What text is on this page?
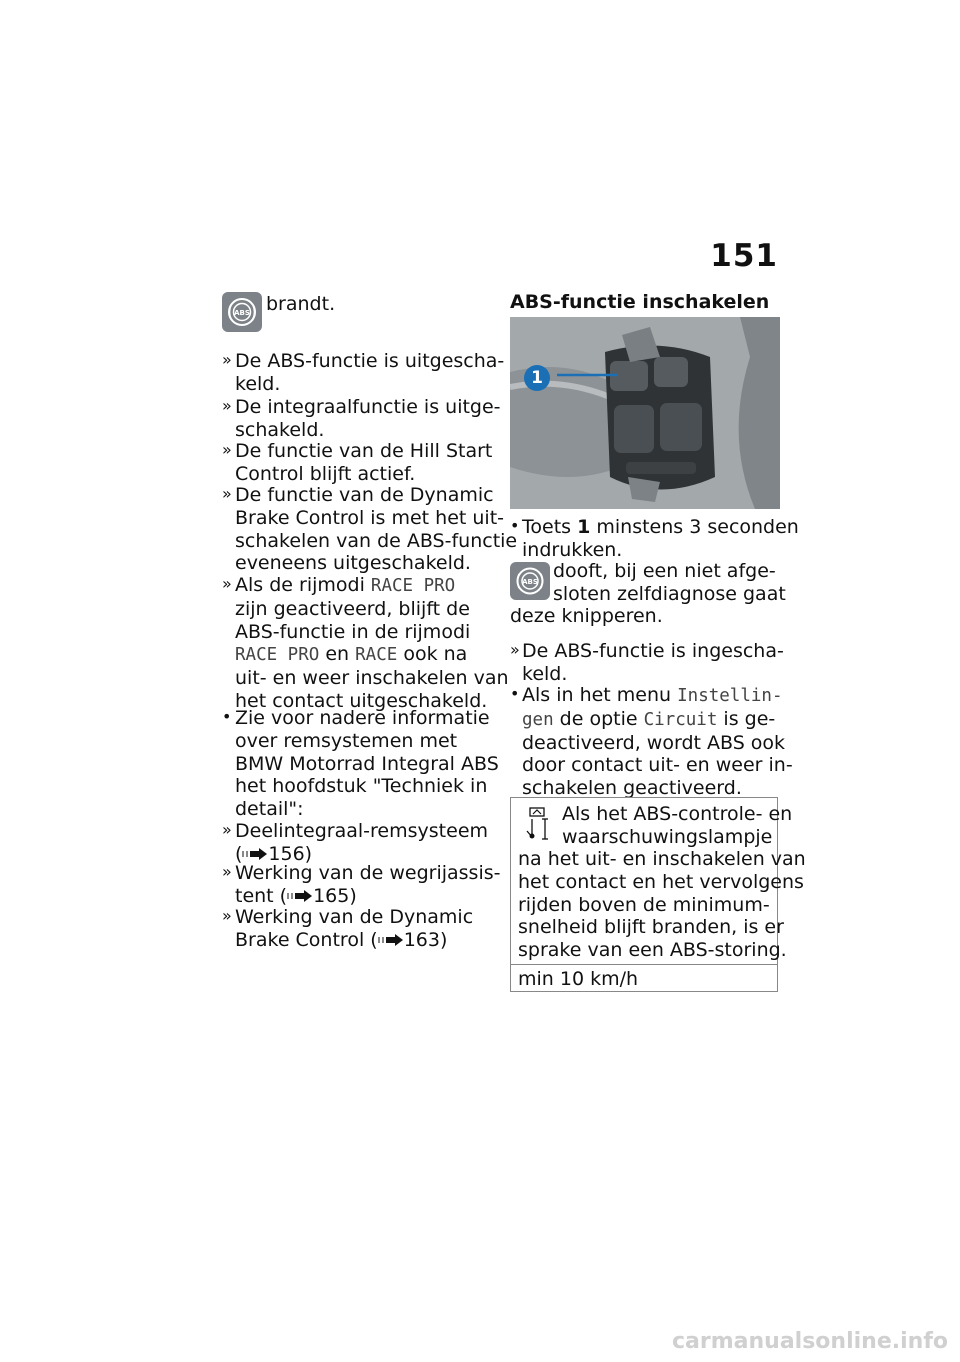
151
ABS brandt.
» De ABS-functie is uitgescha-
keld.
» De integraalfunctie is uitge-
schakeld.
» De functie van de Hill Start
Control blijft actief.
» De functie van de Dynamic
Brake Control is met het uit-
schakelen van de ABS-functie
eveneens uitgeschakeld.
» Als de rijmodi RACE PRO
zijn geactiveerd, blijft de
ABS-functie in de rijmodi
RACE PRO en RACE ook na
uit- en weer inschakelen van
het contact uitgeschakeld.
• Zie voor nadere informatie
over remsystemen met
BMW Motorrad Integral ABS
het hoofdstuk "Techniek in
detail":
» Deelintegraal-remsysteem
( 156)
» Werking van de wegrijassis-
tent ( 165)
» Werking van de Dynamic
Brake Control ( 163)
ABS-functie inschakelen
1
• Toets 1 minstens 3 seconden
indrukken.
ABS dooft, bij een niet afge-
sloten zelfdiagnose gaat
deze knipperen.
» De ABS-functie is ingescha-
keld.
• Als in het menu Instellin-
gen de optie Circuit is ge-
deactiveerd, wordt ABS ook
door contact uit- en weer in-
schakelen geactiveerd.
Als het ABS-controle- en
waarschuwingslampje
na het uit- en inschakelen van
het contact en het vervolgens
rijden boven de minimum-
snelheid blijft branden, is er
sprake van een ABS-storing.
min 10 km/h
carmanualsonline.info
